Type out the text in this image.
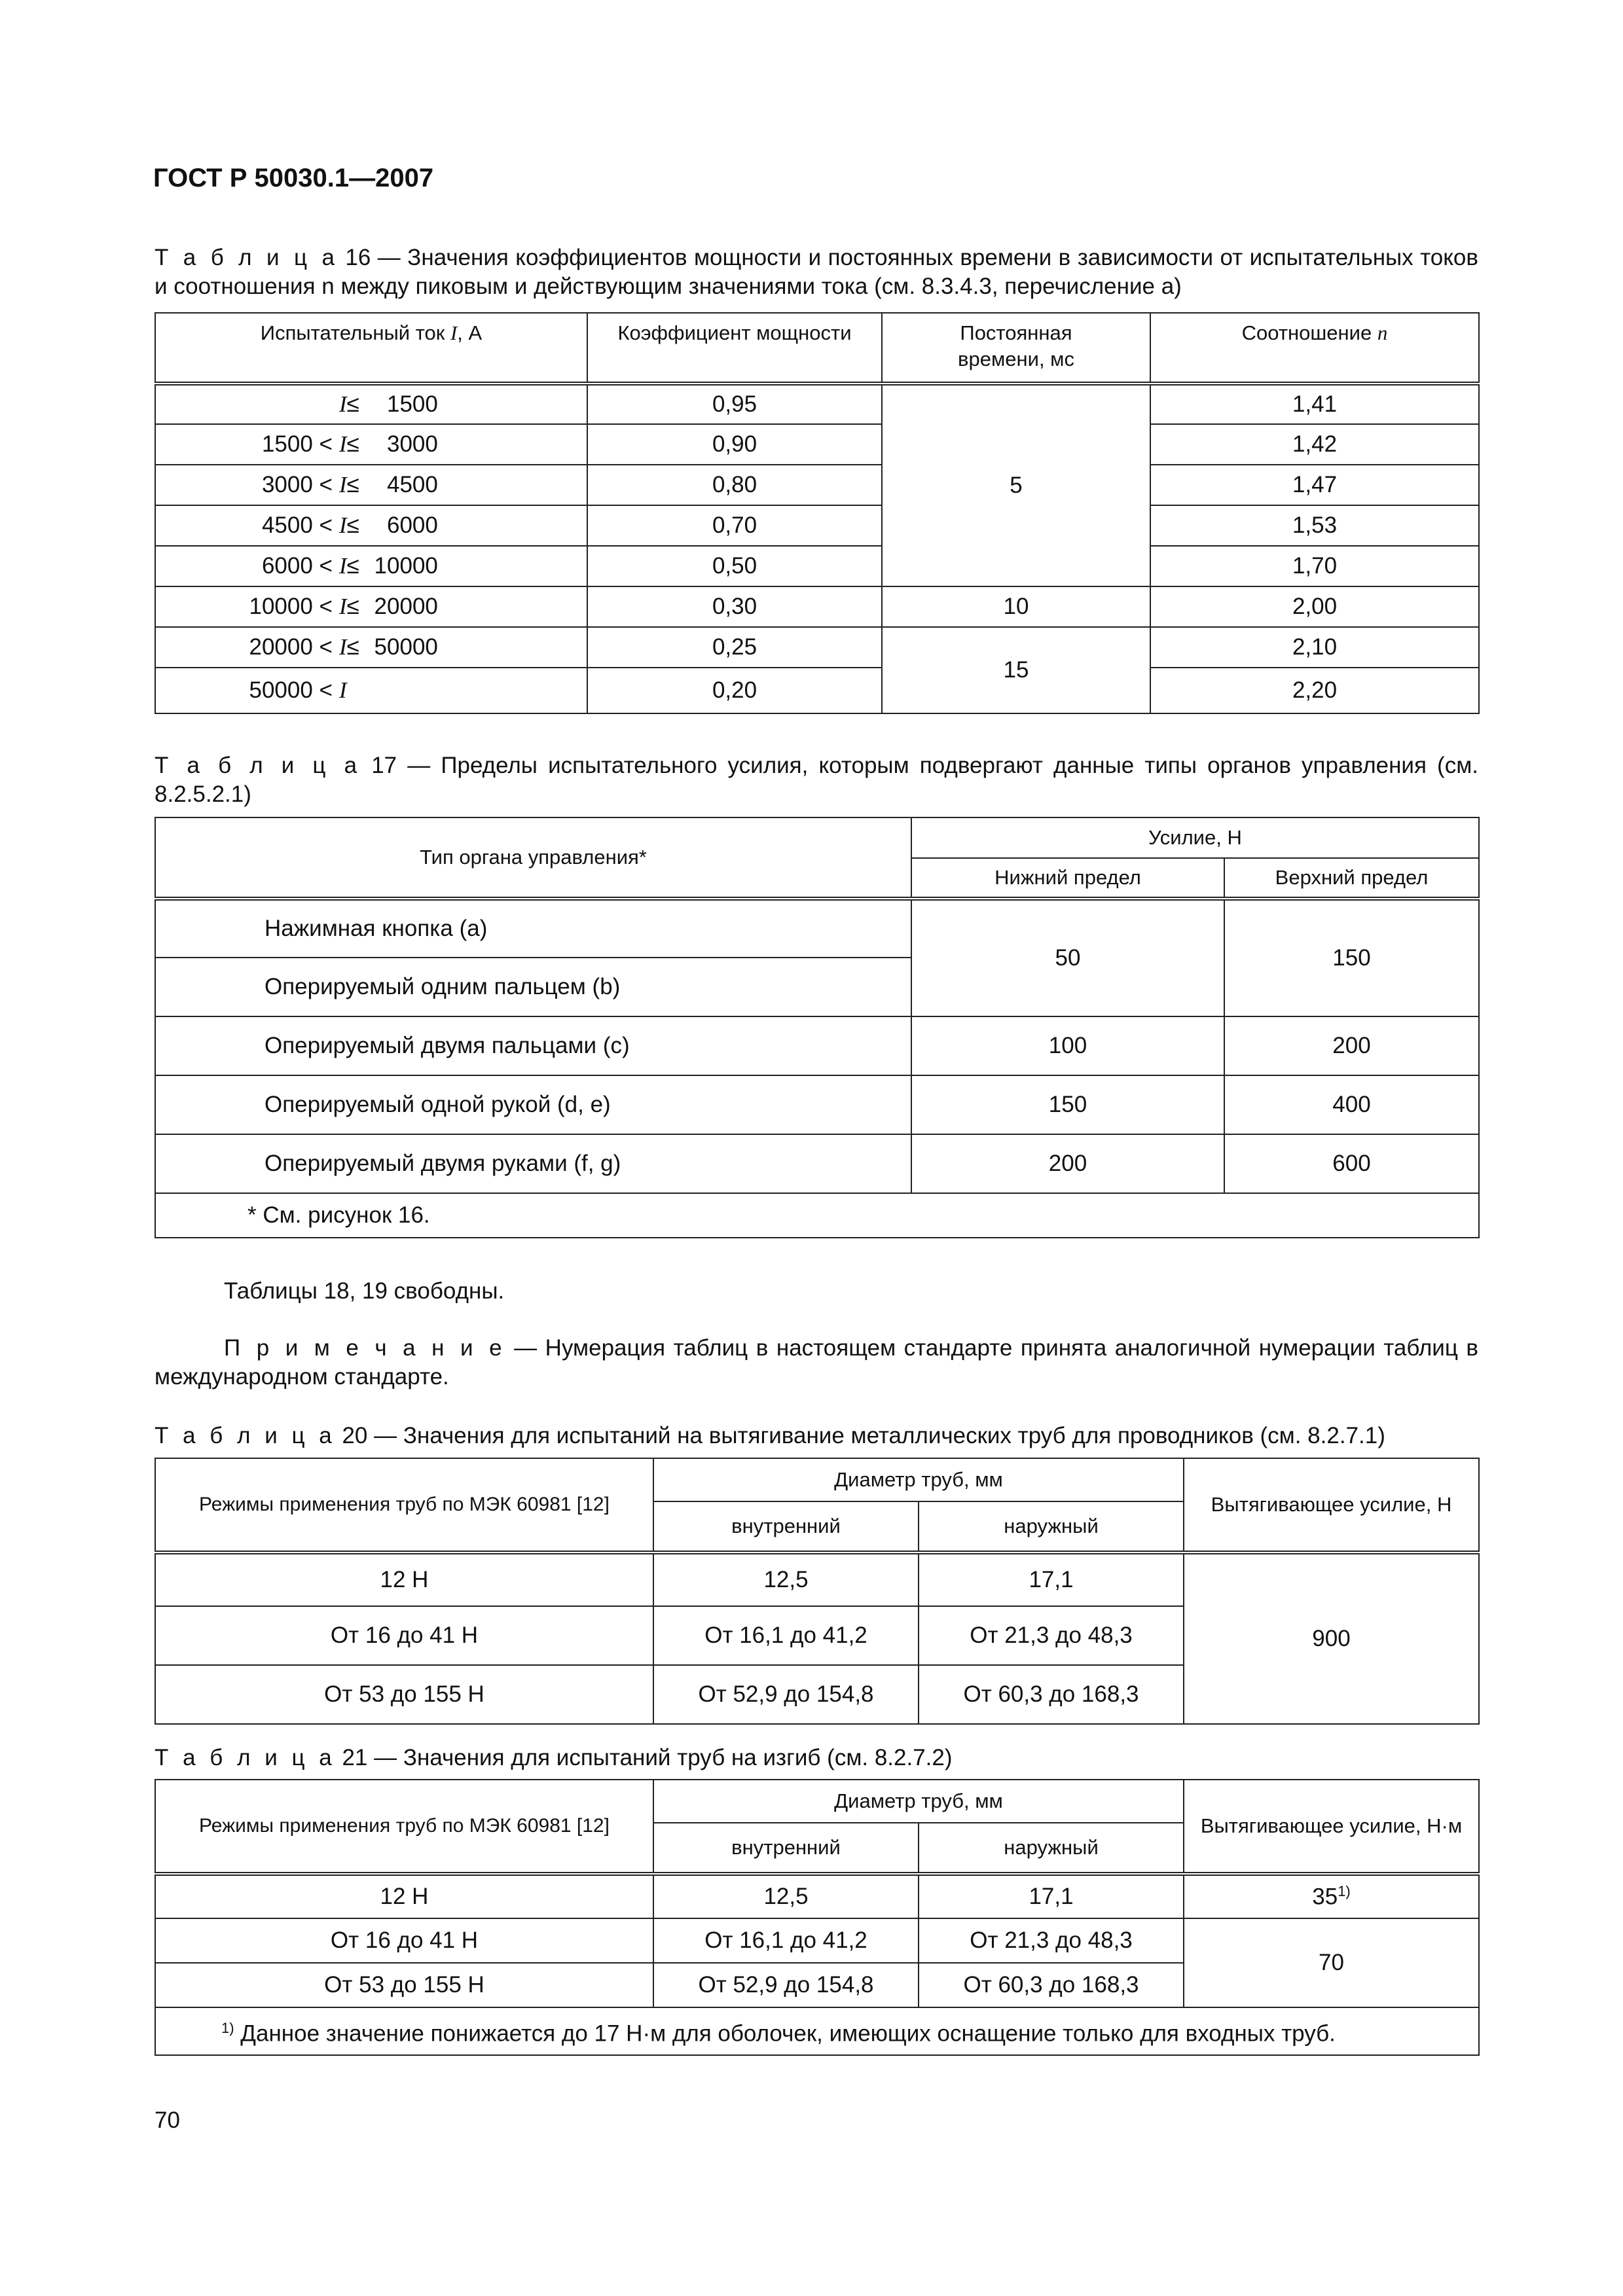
ГОСТ Р 50030.1—2007
Т а б л и ц а 16 — Значения коэффициентов мощности и постоянных времени в зависимости от испытательных токов и соотношения n между пиковым и действующим значениями тока (см. 8.3.4.3, перечисление а)
Испытательный ток I, А	Коэффициент мощности	Постоянная времени, мс	Соотношение n
I≤ 1500	0,95	5	1,41
1500 < I≤ 3000	0,90		1,42
3000 < I≤ 4500	0,80		1,47
4500 < I≤ 6000	0,70		1,53
6000 < I≤ 10000	0,50		1,70
10000 < I≤ 20000	0,30	10	2,00
20000 < I≤ 50000	0,25	15	2,10
50000 < I	0,20		2,20
Т а б л и ц а 17 — Пределы испытательного усилия, которым подвергают данные типы органов управления (см. 8.2.5.2.1)
Тип органа управления*	Усилие, Н	
	Нижний предел	Верхний предел
Нажимная кнопка (a)	50	150
Оперируемый одним пальцем (b)		
Оперируемый двумя пальцами (c)	100	200
Оперируемый одной рукой (d, e)	150	400
Оперируемый двумя руками (f, g)	200	600
* См. рисунок 16.		
Таблицы 18, 19 свободны.
П р и м е ч а н и е — Нумерация таблиц в настоящем стандарте принята аналогичной нумерации таблиц в международном стандарте.
Т а б л и ц а 20 — Значения для испытаний на вытягивание металлических труб для проводников (см. 8.2.7.1)
Режимы применения труб по МЭК 60981 [12]	Диаметр труб, мм		Вытягивающее усилие, Н
	внутренний	наружный	
12 H	12,5	17,1	900
От 16 до 41 Н	От 16,1 до 41,2	От 21,3 до 48,3	
От 53 до 155 Н	От 52,9 до 154,8	От 60,3 до 168,3	
Т а б л и ц а 21 — Значения для испытаний труб на изгиб (см. 8.2.7.2)
Режимы применения труб по МЭК 60981 [12]	Диаметр труб, мм		Вытягивающее усилие, Н·м
	внутренний	наружный	
12 H	12,5	17,1	35$^{1)}$
От 16 до 41 Н	От 16,1 до 41,2	От 21,3 до 48,3	70
От 53 до 155 Н	От 52,9 до 154,8	От 60,3 до 168,3	
$^{1)}$ Данное значение понижается до 17 Н·м для оболочек, имеющих оснащение только для входных труб.			
70
